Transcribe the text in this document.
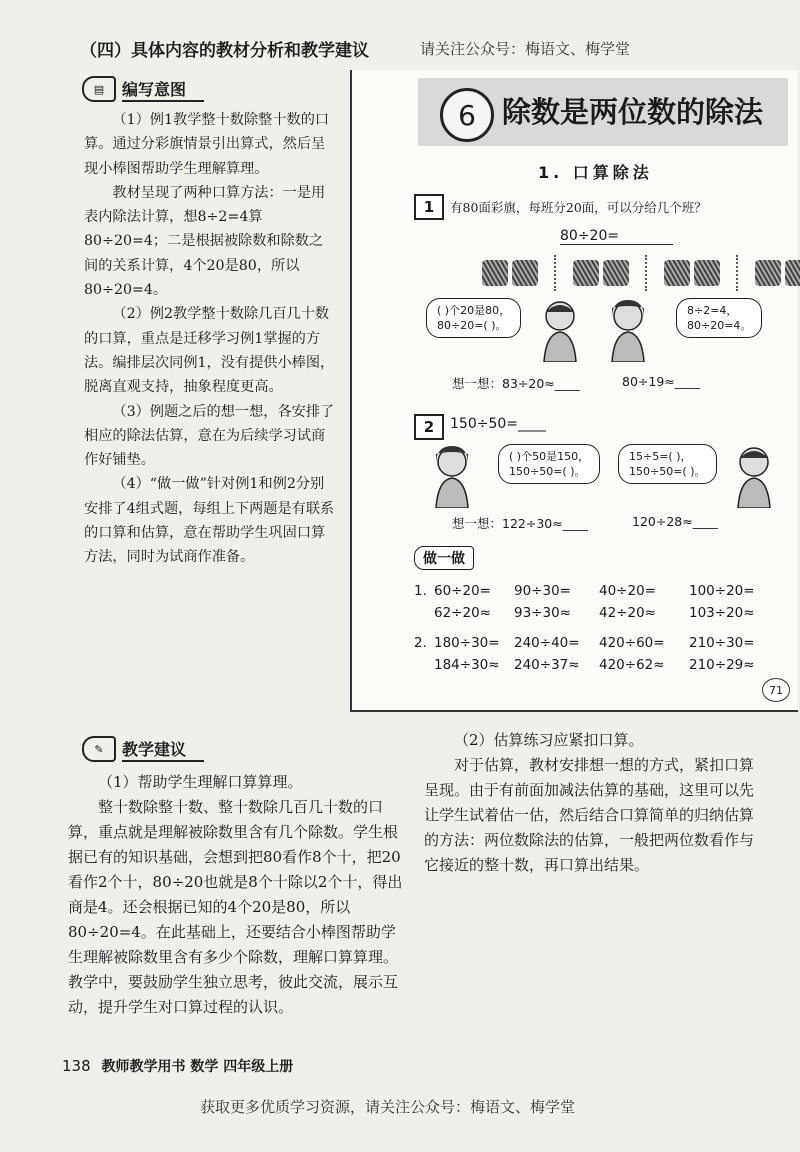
（四）具体内容的教材分析和教学建议	请关注公众号：梅语文、梅学堂
▤	编写意图

（1）例1教学整十数除整十数的口算。通过分彩旗情景引出算式，然后呈现小棒图帮助学生理解算理。

教材呈现了两种口算方法：一是用表内除法计算，想8÷2=4算80÷20=4；二是根据被除数和除数之间的关系计算，4个20是80，所以80÷20=4。

（2）例2教学整十数除几百几十数的口算，重点是迁移学习例1掌握的方法。编排层次同例1，没有提供小棒图，脱离直观支持，抽象程度更高。

（3）例题之后的想一想，各安排了相应的除法估算，意在为后续学习试商作好铺垫。

（4）“做一做”针对例1和例2分别安排了4组式题，每组上下两题是有联系的口算和估算，意在帮助学生巩固口算方法，同时为试商作准备。

6 除数是两位数的除法
1. 口算除法
1	有80面彩旗，每班分20面，可以分给几个班？
80÷20=
( )个20是80，
80÷20=( )。
8÷2=4，
80÷20=4。
想一想：83÷20≈____	80÷19≈____
2	150÷50=____
( )个50是150，
150÷50=( )。
15÷5=( )，
150÷50=( )。
想一想：122÷30≈____	120÷28≈____
做一做
1. 60÷20=	90÷30=	40÷20=	100÷20=
62÷20≈	93÷30≈	42÷20≈	103÷20≈
2. 180÷30=	240÷40=	420÷60=	210÷30=
184÷30≈	240÷37≈	420÷62≈	210÷29≈
71
✎	教学建议

（1）帮助学生理解口算算理。

整十数除整十数、整十数除几百几十数的口算，重点就是理解被除数里含有几个除数。学生根据已有的知识基础，会想到把80看作8个十，把20看作2个十，80÷20也就是8个十除以2个十，得出商是4。还会根据已知的4个20是80，所以80÷20=4。在此基础上，还要结合小棒图帮助学生理解被除数里含有多少个除数，理解口算算理。教学中，要鼓励学生独立思考，彼此交流，展示互动，提升学生对口算过程的认识。

（2）估算练习应紧扣口算。

对于估算，教材安排想一想的方式，紧扣口算呈现。由于有前面加减法估算的基础，这里可以先让学生试着估一估，然后结合口算简单的归纳估算的方法：两位数除法的估算，一般把两位数看作与它接近的整十数，再口算出结果。

138 教师教学用书 数学 四年级上册
获取更多优质学习资源，请关注公众号：梅语文、梅学堂
